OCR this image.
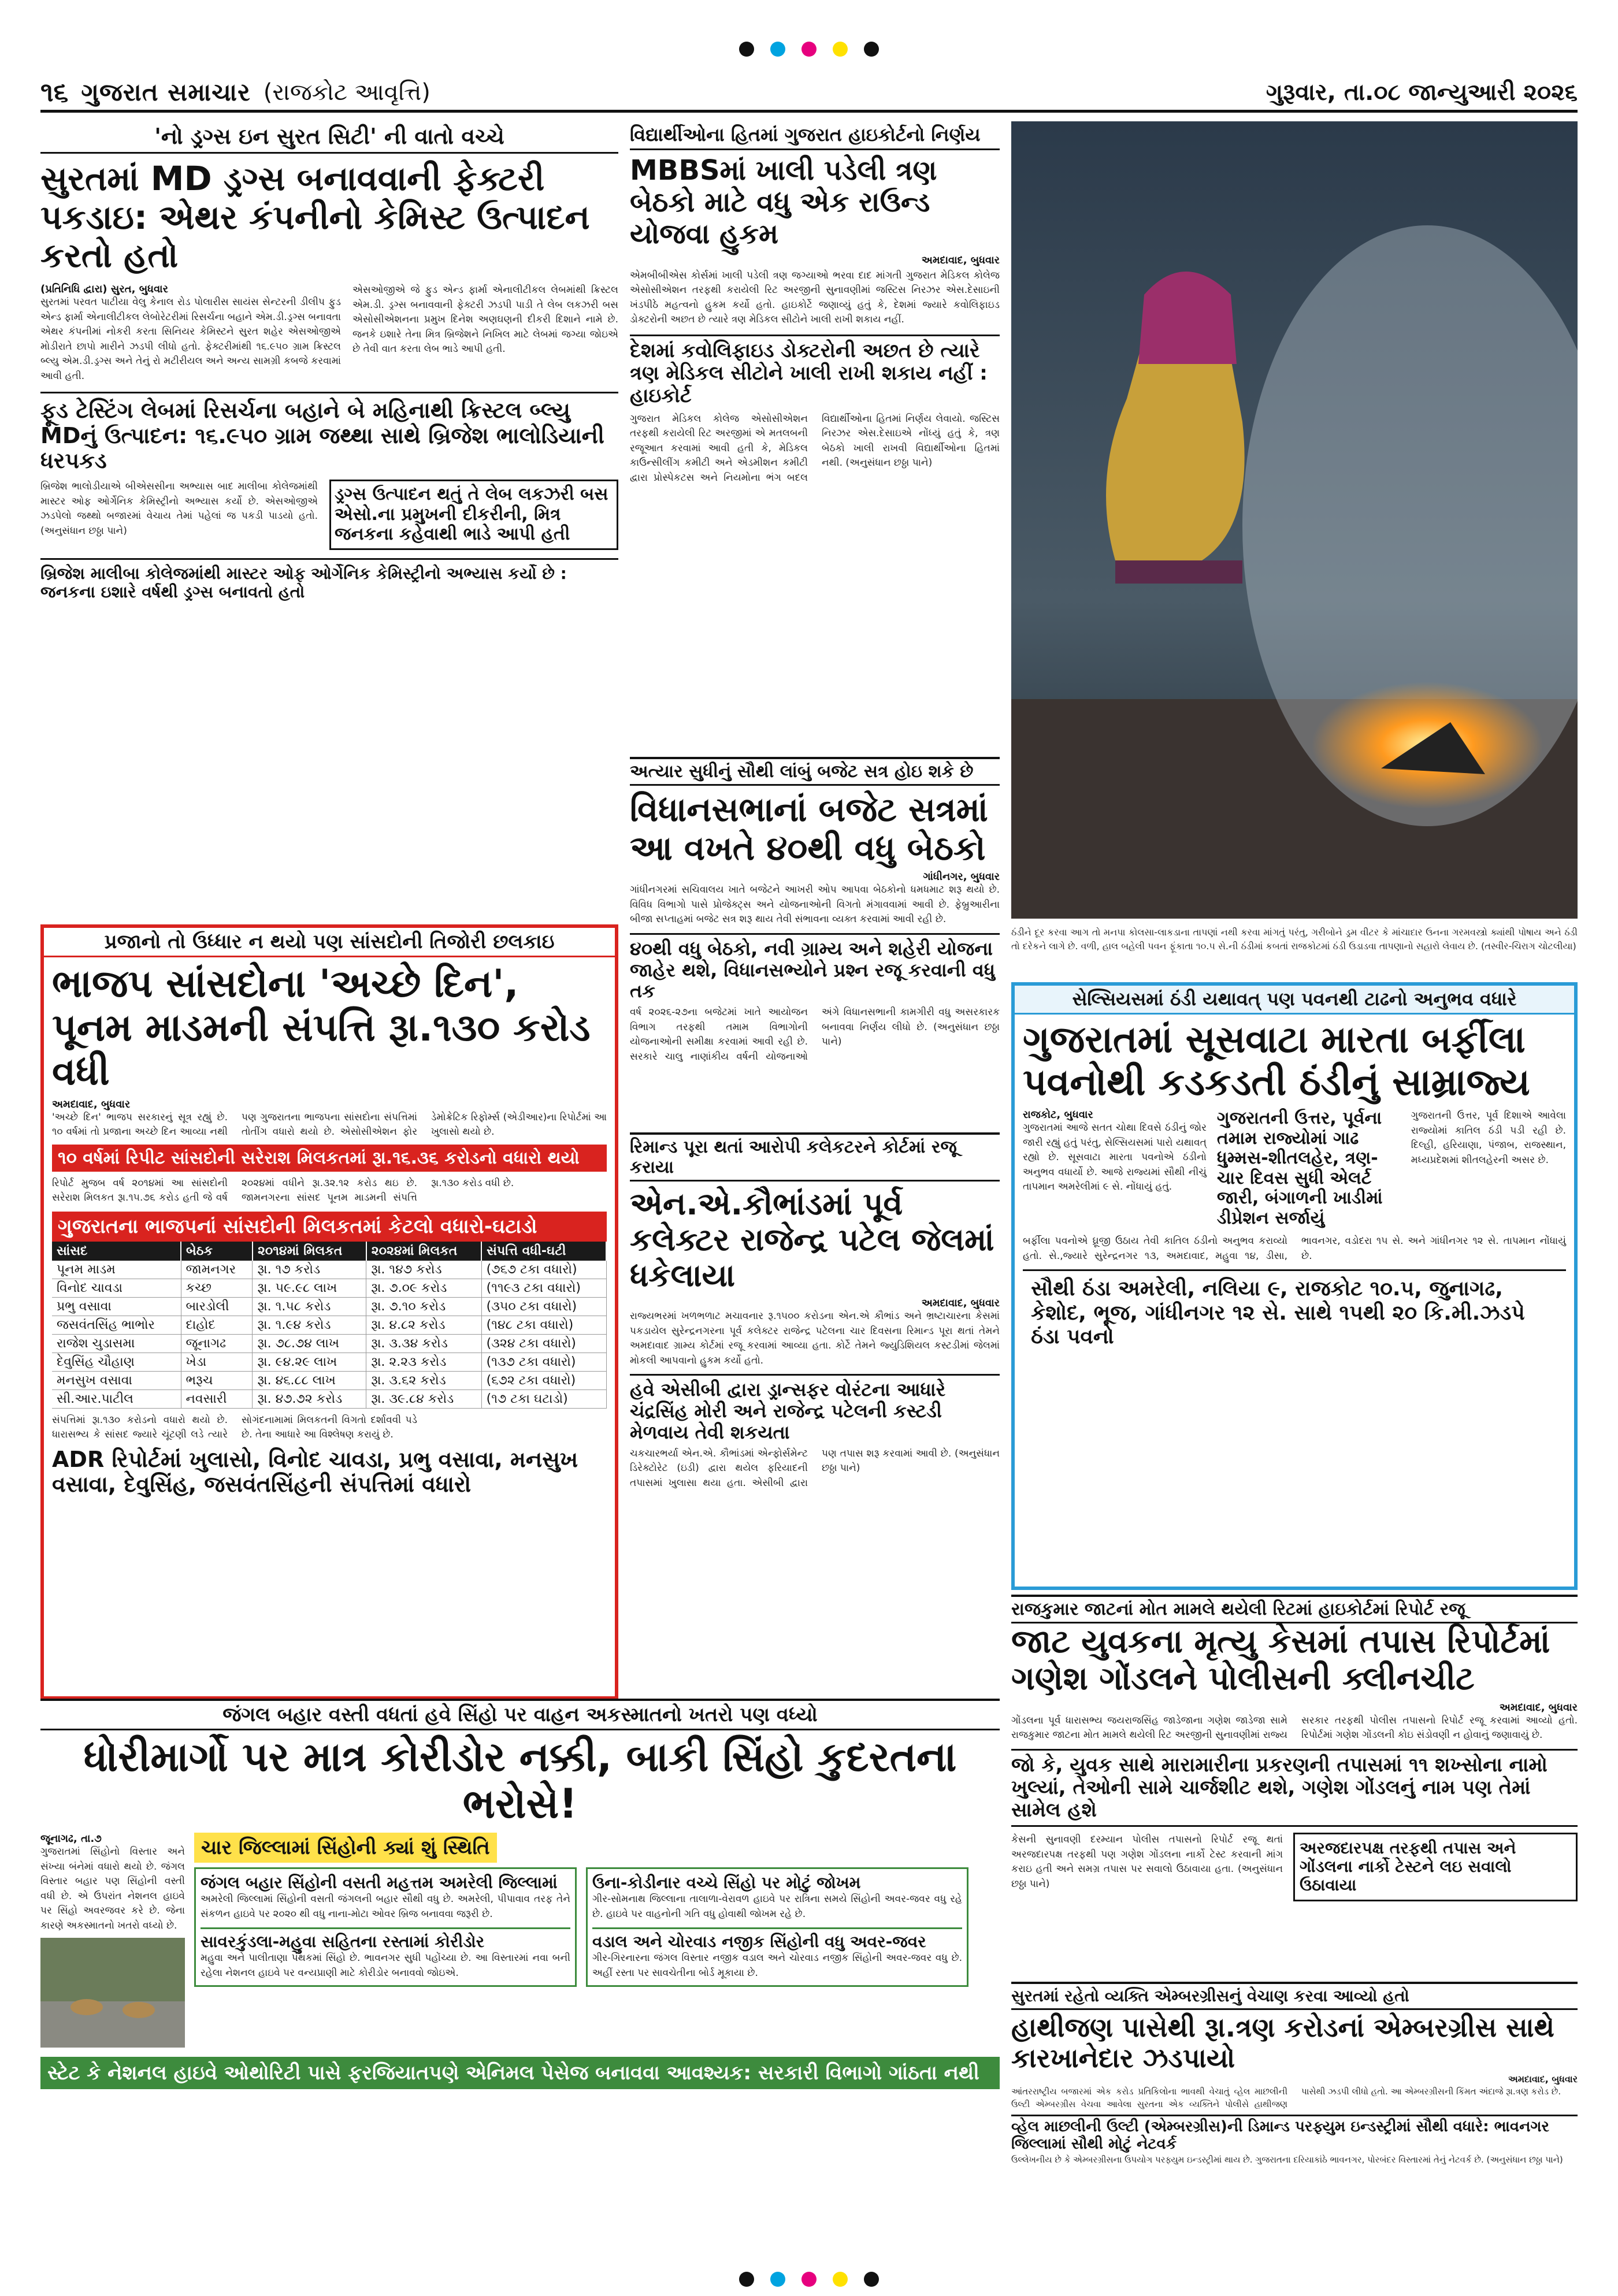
૧૬ ગુજરાત સમાચાર (રાજકોટ આવૃત્તિ)	ગુરૂવાર, તા.૦૮ જાન્યુઆરી ૨૦૨૬
'નો ડ્રગ્સ ઇન સુરત સિટી' ની વાતો વચ્ચે
સુરતમાં MD ડ્રગ્સ બનાવવાની ફેક્ટરી પકડાઇ: એથર કંપનીનો કેમિસ્ટ ઉત્પાદન કરતો હતો
(પ્રતિનિધિ દ્વારા) સુરત, બુધવાર
સુરતમાં પરવત પાટીયા વેલુ કેનાલ રોડ પોલારીસ સાયંસ સેન્ટરની ડીલીપ ફુડ એન્ડ ફાર્મા એનાલીટીકલ લેબોરેટરીમાં રિસર્ચના બહાને એમ.ડી.ડ્રગ્સ બનાવતા એથર કંપનીમાં નોકરી કરતા સિનિયર કેમિસ્ટને સુરત શહેર એસઓજીએ મોડીરાતે છાપો મારીને ઝડપી લીધો હતો. ફેક્ટરીમાંથી ૧૬.૯૫૦ ગ્રામ ક્રિસ્ટલ બ્લ્યુ એમ.ડી.ડ્રગ્સ અને તેનું રો મટીરીયલ અને અન્ય સામગ્રી કબજે કરવામાં આવી હતી.
એસઓજીએ જે ફુડ એન્ડ ફાર્મા એનાલીટીકલ લેબમાંથી ક્રિસ્ટલ એમ.ડી. ડ્રગ્સ બનાવવાની ફેક્ટરી ઝડપી પાડી તે લેબ લકઝરી બસ એસોસીએશનના પ્રમુખ દિનેશ અણઘણની દીકરી દિશાને નામે છે. જનકે ઇશારે તેના મિત્ર બ્રિજેશને નિખિલ માટે લેબમાં જગ્યા જોઇએ છે તેવી વાત કરતા લેબ ભાડે આપી હતી.
ફૂડ ટેસ્ટિંગ લેબમાં રિસર્ચના બહાને બે મહિનાથી ક્રિસ્ટલ બ્લ્યુ MDનું ઉત્પાદન: ૧૬.૯૫૦ ગ્રામ જથ્થા સાથે બ્રિજેશ ભાલોડિયાની ધરપકડ
બ્રિજેશ ભાલોડીયાએ બીએસસીના અભ્યાસ બાદ માલીબા કોલેજમાંથી માસ્ટર ઓફ ઓર્ગેનિક કેમિસ્ટ્રીનો અભ્યાસ કર્યો છે. એસઓજીએ ઝડપેલો જથ્થો બજારમાં વેચાય તેમાં પહેલાં જ પકડી પાડયો હતો. (અનુસંધાન છઠ્ઠા પાને)
ડ્રગ્સ ઉત્પાદન થતું તે લેબ લકઝરી બસ એસો.ના પ્રમુખની દીકરીની, મિત્ર જનકના કહેવાથી ભાડે આપી હતી
બ્રિજેશ માલીબા કોલેજમાંથી માસ્ટર ઓફ ઓર્ગેનિક કેમિસ્ટ્રીનો અભ્યાસ કર્યો છે : જનકના ઇશારે વર્ષથી ડ્રગ્સ બનાવતો હતો
વિદ્યાર્થીઓના હિતમાં ગુજરાત હાઇકોર્ટનો નિર્ણય
MBBSમાં ખાલી પડેલી ત્રણ બેઠકો માટે વધુ એક રાઉન્ડ યોજવા હુકમ
અમદાવાદ, બુધવાર
એમબીબીએસ કોર્સમાં ખાલી પડેલી ત્રણ જગ્યાઓ ભરવા દાદ માંગતી ગુજરાત મેડિકલ કોલેજ એસોસીએશન તરફથી કરાયેલી રિટ અરજીની સુનાવણીમાં જસ્ટિસ નિરઝર એસ.દેસાઇની ખંડપીઠે મહત્વનો હુકમ કર્યો હતો. હાઇકોર્ટે જણાવ્યું હતું કે, દેશમાં જ્યારે કવોલિફાઇડ ડોક્ટરોની અછત છે ત્યારે ત્રણ મેડિકલ સીટોને ખાલી રાખી શકાય નહીં.
દેશમાં કવોલિફાઇડ ડોક્ટરોની અછત છે ત્યારે ત્રણ મેડિકલ સીટોને ખાલી રાખી શકાય નહીં : હાઇકોર્ટ
ગુજરાત મેડિકલ કોલેજ એસોસીએશન તરફથી કરાયેલી રિટ અરજીમાં એ મતલબની રજૂઆત કરવામાં આવી હતી કે, મેડિકલ કાઉન્સીલીંગ કમીટી અને એડમીશન કમીટી દ્વારા પ્રોસ્પેકટસ અને નિયમોના ભંગ બદલ વિદ્યાર્થીઓના હિતમાં નિર્ણય લેવાયો. જસ્ટિસ નિરઝર એસ.દેસાઇએ નોંધ્યું હતું કે, ત્રણ બેઠકો ખાલી રાખવી વિદ્યાર્થીઓના હિતમાં નથી. (અનુસંધાન છઠ્ઠા પાને)
ઠંડીને દૂર કરવા આગ તો મનપા કોલસા-લાકડાના તાપણાં નથી કરવા માંગતું પરંતુ, ગરીબોને ડ્રમ વીટર કે માંચાદાર ઉનના ગરમવસ્ત્રો ક્યાંથી પોષાય અને ઠંડી તો દરેકને લાગે છે. વળી, હાલ બહેલી પવન ફૂંકાતા ૧૦.૫ સે.ની ઠંડીમાં કબતાં રાજકોટમાં ઠંડી ઉડાડવા તાપણાનો સહારો લેવાય છે. (તસ્વીર-ચિરાગ ચોટલીયા)
સેલ્સિયસમાં ઠંડી યથાવત્ પણ પવનથી ટાઢનો અનુભવ વધારે
ગુજરાતમાં સૂસવાટા મારતા બર્ફીલા પવનોથી કડકડતી ઠંડીનું સામ્રાજ્ય
રાજકોટ, બુધવાર
ગુજરાતમાં આજે સતત ચોથા દિવસે ઠંડીનું જોર જારી રહ્યું હતું પરંતુ, સેલ્સિયસમાં પારો યથાવત્ રહ્યો છે. સૂસવાટા મારતા પવનોએ ઠંડીનો અનુભવ વધાર્યો છે. આજે રાજ્યમાં સૌથી નીચું તાપમાન અમરેલીમાં ૯ સે. નોંધાયું હતું.
ગુજરાતની ઉત્તર, પૂર્વના તમામ રાજ્યોમાં ગાઢ ધુમ્મસ-શીતલહેર, ત્રણ-ચાર દિવસ સુધી એલર્ટ જારી, બંગાળની ખાડીમાં ડીપ્રેશન સર્જાયું
ગુજરાતની ઉત્તર, પૂર્વ દિશાએ આવેલા રાજ્યોમાં કાતિલ ઠંડી પડી રહી છે. દિલ્હી, હરિયાણા, પંજાબ, રાજસ્થાન, મધ્યપ્રદેશમાં શીતલહેરની અસર છે.
બર્ફીલા પવનોએ ઘ્રૂજી ઉઠાય તેવી કાતિલ ઠંડીનો અનુભવ કરાવ્યો હતો. સે.,જ્યારે સુરેન્દ્રનગર ૧૩, અમદાવાદ, મહુવા ૧૪, ડીસા, ભાવનગર, વડોદરા ૧૫ સે. અને ગાંધીનગર ૧૨ સે. તાપમાન નોંધાયું છે.
સૌથી ઠંડા અમરેલી, નલિયા ૯, રાજકોટ ૧૦.૫, જુનાગઢ, કેશોદ, ભૂજ, ગાંધીનગર ૧૨ સે. સાથે ૧૫થી ૨૦ કિ.મી.ઝડપે ઠંડા પવનો
અત્યાર સુધીનું સૌથી લાંબું બજેટ સત્ર હોઇ શકે છે
વિધાનસભાનાં બજેટ સત્રમાં આ વખતે ૪૦થી વધુ બેઠકો
ગાંધીનગર, બુધવાર
ગાંધીનગરમાં સચિવાલય ખાતે બજેટને આખરી ઓપ આપવા બેઠકોનો ધમધમાટ શરૂ થયો છે. વિવિધ વિભાગો પાસે પ્રોજેક્ટ્સ અને યોજનાઓની વિગતો મંગાવવામાં આવી છે. ફેબ્રુઆરીના બીજા સપ્તાહમાં બજેટ સત્ર શરૂ થાય તેવી સંભાવના વ્યક્ત કરવામાં આવી રહી છે.
૪૦થી વધુ બેઠકો, નવી ગ્રામ્ય અને શહેરી યોજના જાહેર થશે, વિધાનસભ્યોને પ્રશ્ન રજૂ કરવાની વધુ તક
વર્ષ ૨૦૨૬-૨૭ના બજેટમાં ખાતે આયોજન વિભાગ તરફથી તમામ વિભાગોની યોજનાઓની સમીક્ષા કરવામાં આવી રહી છે. સરકારે ચાલુ નાણાંકીય વર્ષની યોજનાઓ અંગે વિધાનસભાની કામગીરી વધુ અસરકારક બનાવવા નિર્ણય લીધો છે. (અનુસંધાન છઠ્ઠા પાને)
રિમાન્ડ પૂરા થતાં આરોપી કલેકટરને કોર્ટમાં રજૂ કરાયા
એન.એ.કૌભાંડમાં પૂર્વ કલેક્ટર રાજેન્દ્ર પટેલ જેલમાં ધકેલાયા
અમદાવાદ, બુધવાર
રાજ્યભરમાં ખળભળાટ મચાવનાર રૂ.૧૫૦૦ કરોડના એન.એ કૌભાંડ અને ભ્રષ્ટાચારના કેસમાં પકડાયેલ સુરેન્દ્રનગરના પૂર્વ કલેક્ટર રાજેન્દ્ર પટેલના ચાર દિવસના રિમાન્ડ પૂરા થતાં તેમને અમદાવાદ ગ્રામ્ય કોર્ટમાં રજૂ કરવામાં આવ્યા હતા. કોર્ટે તેમને જ્યુડિશિયલ કસ્ટડીમાં જેલમાં મોકલી આપવાનો હુકમ કર્યો હતો.
હવે એસીબી દ્વારા ડ્રાન્સફર વોરંટના આધારે ચંદ્રસિંહ મોરી અને રાજેન્દ્ર પટેલની કસ્ટડી મેળવાય તેવી શકયતા
ચકચારભર્યા એન.એ. કૌભાંડમાં એન્ફોર્સમેન્ટ ડિરેક્ટોરેટ (ઇડી) દ્વારા થયેલ ફરિયાદની તપાસમાં ખુલાસા થયા હતા. એસીબી દ્વારા પણ તપાસ શરૂ કરવામાં આવી છે. (અનુસંધાન છઠ્ઠા પાને)
રાજકુમાર જાટનાં મોત મામલે થયેલી રિટમાં હાઇકોર્ટમાં રિપોર્ટ રજૂ
જાટ યુવકના મૃત્યુ કેસમાં તપાસ રિપોર્ટમાં ગણેશ ગોંડલને પોલીસની ક્લીનચીટ
અમદાવાદ, બુધવાર
ગોંડલના પૂર્વ ધારાસભ્ય જયરાજસિંહ જાડેજાના ગણેશ જાડેજા સામે રાજકુમાર જાટના મોત મામલે થયેલી રિટ અરજીની સુનાવણીમાં રાજ્ય સરકાર તરફથી પોલીસ તપાસનો રિપોર્ટ રજૂ કરવામાં આવ્યો હતો. રિપોર્ટમાં ગણેશ ગોંડલની કોઇ સંડોવણી ન હોવાનું જણાવાયું છે.
જો કે, યુવક સાથે મારામારીના પ્રકરણની તપાસમાં ૧૧ શખ્સોના નામો ખુલ્યાં, તેઓની સામે ચાર્જશીટ થશે, ગણેશ ગોંડલનું નામ પણ તેમાં સામેલ હશે
કેસની સુનાવણી દરમ્યાન પોલીસ તપાસનો રિપોર્ટ રજૂ થતાં અરજદારપક્ષ તરફથી પણ ગણેશ ગોંડલના નાર્કો ટેસ્ટ કરવાની માંગ કરાઇ હતી અને સમગ્ર તપાસ પર સવાલો ઉઠાવાયા હતા. (અનુસંધાન છઠ્ઠા પાને)
અરજદારપક્ષ તરફથી તપાસ અને ગોંડલના નાર્કો ટેસ્ટને લઇ સવાલો ઉઠાવાયા
પ્રજાનો તો ઉધ્ધાર ન થયો પણ સાંસદોની તિજોરી છલકાઇ
ભાજપ સાંસદોના 'અચ્છે દિન', પૂનમ માડમની સંપત્તિ રૂા.૧૩૦ કરોડ વધી
અમદાવાદ, બુધવાર
'અચ્છે દિન' ભાજપ સરકારનું સૂત્ર રહ્યું છે. ૧૦ વર્ષમાં તો પ્રજાના અચ્છે દિન આવ્યા નથી પણ ગુજરાતના ભાજપના સાંસદોના સંપત્તિમાં તોતીંગ વધારો થયો છે. એસોસીએશન ફોર ડેમોક્રેટિક રિફોર્મ્સ (એડીઆર)ના રિપોર્ટમાં આ ખુલાસો થયો છે.
૧૦ વર્ષમાં રિપીટ સાંસદોની સરેરાશ મિલકતમાં રૂા.૧૬.૩૬ કરોડનો વધારો થયો
રિપોર્ટ મુજબ વર્ષ ૨૦૧૪માં આ સાંસદોની સરેરાશ મિલકત રૂા.૧૫.૭૬ કરોડ હતી જે વર્ષ ૨૦૨૪માં વધીને રૂા.૩૨.૧૨ કરોડ થઇ છે. જામનગરના સાંસદ પૂનમ માડમની સંપત્તિ રૂા.૧૩૦ કરોડ વધી છે.
ગુજરાતના ભાજપનાં સાંસદોની મિલકતમાં કેટલો વધારો-ઘટાડો
સાંસદ	બેઠક	૨૦૧૪માં મિલકત	૨૦૨૪માં મિલકત	સંપત્તિ વધી-ઘટી
પૂનમ માડમ	જામનગર	રૂા. ૧૭ કરોડ	રૂા. ૧૪૭ કરોડ	(૭૬૭ ટકા વધારો)
વિનોદ ચાવડા	કચ્છ	રૂા. ૫૯.૯૮ લાખ	રૂા. ૭.૦૯ કરોડ	(૧૧૯૩ ટકા વધારો)
પ્રભુ વસાવા	બારડોલી	રૂા. ૧.૫૮ કરોડ	રૂા. ૭.૧૦ કરોડ	(૩૫૦ ટકા વધારો)
જસવંતસિંહ ભાભોર	દાહોદ	રૂા. ૧.૯૪ કરોડ	રૂા. ૪.૮૨ કરોડ	(૧૪૮ ટકા વધારો)
રાજેશ ચુડાસમા	જૂનાગઢ	રૂા. ૭૮.૭૪ લાખ	રૂા. ૩.૩૪ કરોડ	(૩૨૪ ટકા વધારો)
દેવુસિંહ ચૌહાણ	ખેડા	રૂા. ૯૪.૨૯ લાખ	રૂા. ૨.૨૩ કરોડ	(૧૩૭ ટકા વધારો)
મનસુખ વસાવા	ભરૂચ	રૂા. ૪૬.૮૮ લાખ	રૂા. ૩.૬૨ કરોડ	(૬૭૨ ટકા વધારો)
સી.આર.પાટીલ	નવસારી	રૂા. ૪૭.૭૨ કરોડ	રૂા. ૩૯.૮૪ કરોડ	(૧૭ ટકા ઘટાડો)
સંપત્તિમાં રૂા.૧૩૦ કરોડનો વધારો થયો છે. ધારાસભ્ય કે સાંસદ જ્યારે ચૂંટણી લડે ત્યારે સોગંદનામામાં મિલકતની વિગતો દર્શાવવી પડે છે. તેના આધારે આ વિશ્લેષણ કરાયું છે.
ADR રિપોર્ટમાં ખુલાસો, વિનોદ ચાવડા, પ્રભુ વસાવા, મનસુખ વસાવા, દેવુસિંહ, જસવંતસિંહની સંપત્તિમાં વધારો
જંગલ બહાર વસ્તી વધતાં હવે સિંહો પર વાહન અકસ્માતનો ખતરો પણ વધ્યો
ધોરીમાર્ગો પર માત્ર કોરીડોર નક્કી, બાકી સિંહો કુદરતના ભરોસે!
જૂનાગઢ, તા.૭
ગુજરાતમાં સિંહોનો વિસ્તાર અને સંખ્યા બંનેમાં વધારો થયો છે. જંગલ વિસ્તાર બહાર પણ સિંહોની વસ્તી વધી છે. એ ઉપરાંત નેશનલ હાઇવે પર સિંહો અવરજવર કરે છે. જેના કારણે અકસ્માતનો ખતરો વધ્યો છે.
ચાર જિલ્લામાં સિંહોની ક્યાં શું સ્થિતિ
જંગલ બહાર સિંહોની વસતી મહત્તમ અમરેલી જિલ્લામાં
અમરેલી જિલ્લામાં સિંહોની વસતી જંગલની બહાર સૌથી વધુ છે. અમરેલી, પીપાવાવ તરફ તેને સંકળન હાઇવે પર ૨૦૨૦ થી વધુ નાના-મોટા ઓવર બ્રિજ બનાવવા જરૂરી છે.
સાવરકુંડલા-મહુવા સહિતના રસ્તામાં કોરીડોર
મહુવા અને પાલીતાણા પંથકમાં સિંહો છે. ભાવનગર સુધી પહોંચ્યા છે. આ વિસ્તારમાં નવા બની રહેલા નેશનલ હાઇવે પર વન્યપ્રાણી માટે કોરીડોર બનાવવો જોઇએ.
ઉના-કોડીનાર વચ્ચે સિંહો પર મોટું જોખમ
ગીર-સોમનાથ જિલ્લાના તાલાળા-વેરાવળ હાઇવે પર રાત્રિના સમયે સિંહોની અવર-જવર વધુ રહે છે. હાઇવે પર વાહનોની ગતિ વધુ હોવાથી જોખમ રહે છે.
વડાલ અને ચોરવાડ નજીક સિંહોની વધુ અવર-જવર
ગીર-ગિરનારના જંગલ વિસ્તાર નજીક વડાલ અને ચોરવાડ નજીક સિંહોની અવર-જવર વધુ છે. અહીં રસ્તા પર સાવચેતીના બોર્ડ મૂકાયા છે.
સ્ટેટ કે નેશનલ હાઇવે ઓથોરિટી પાસે ફરજિયાતપણે એનિમલ પેસેજ બનાવવા આવશ્યક: સરકારી વિભાગો ગાંઠતા નથી
સુરતમાં રહેતો વ્યક્તિ એમ્બરગ્રીસનું વેચાણ કરવા આવ્યો હતો
હાથીજણ પાસેથી રૂા.ત્રણ કરોડનાં એમ્બરગ્રીસ સાથે કારખાનેદાર ઝડપાયો
અમદાવાદ, બુધવાર
આંતરરાષ્ટ્રીય બજારમાં એક કરોડ પ્રતિકિલોના ભાવથી વેચાતું વ્હેલ માછલીની ઉલ્ટી એમ્બરગ્રીસ વેચવા આવેલા સુરતના એક વ્યક્તિને પોલીસે હાથીજણ પાસેથી ઝડપી લીધો હતો. આ એમ્બરગ્રીસની કિંમત અંદાજે રૂા.ત્રણ કરોડ છે.
વ્હેલ માછલીની ઉલ્ટી (એમ્બરગ્રીસ)ની ડિમાન્ડ પરફ્યુમ ઇન્ડસ્ટ્રીમાં સૌથી વધારે: ભાવનગર જિલ્લામાં સૌથી મોટું નેટવર્ક
ઉલ્લેખનીય છે કે એમ્બરગ્રીસના ઉપયોગ પરફ્યુમ ઇન્ડસ્ટ્રીમાં થાય છે. ગુજરાતના દરિયાકાંઠે ભાવનગર, પોરબંદર વિસ્તારમાં તેનું નેટવર્ક છે. (અનુસંધાન છઠ્ઠા પાને)
